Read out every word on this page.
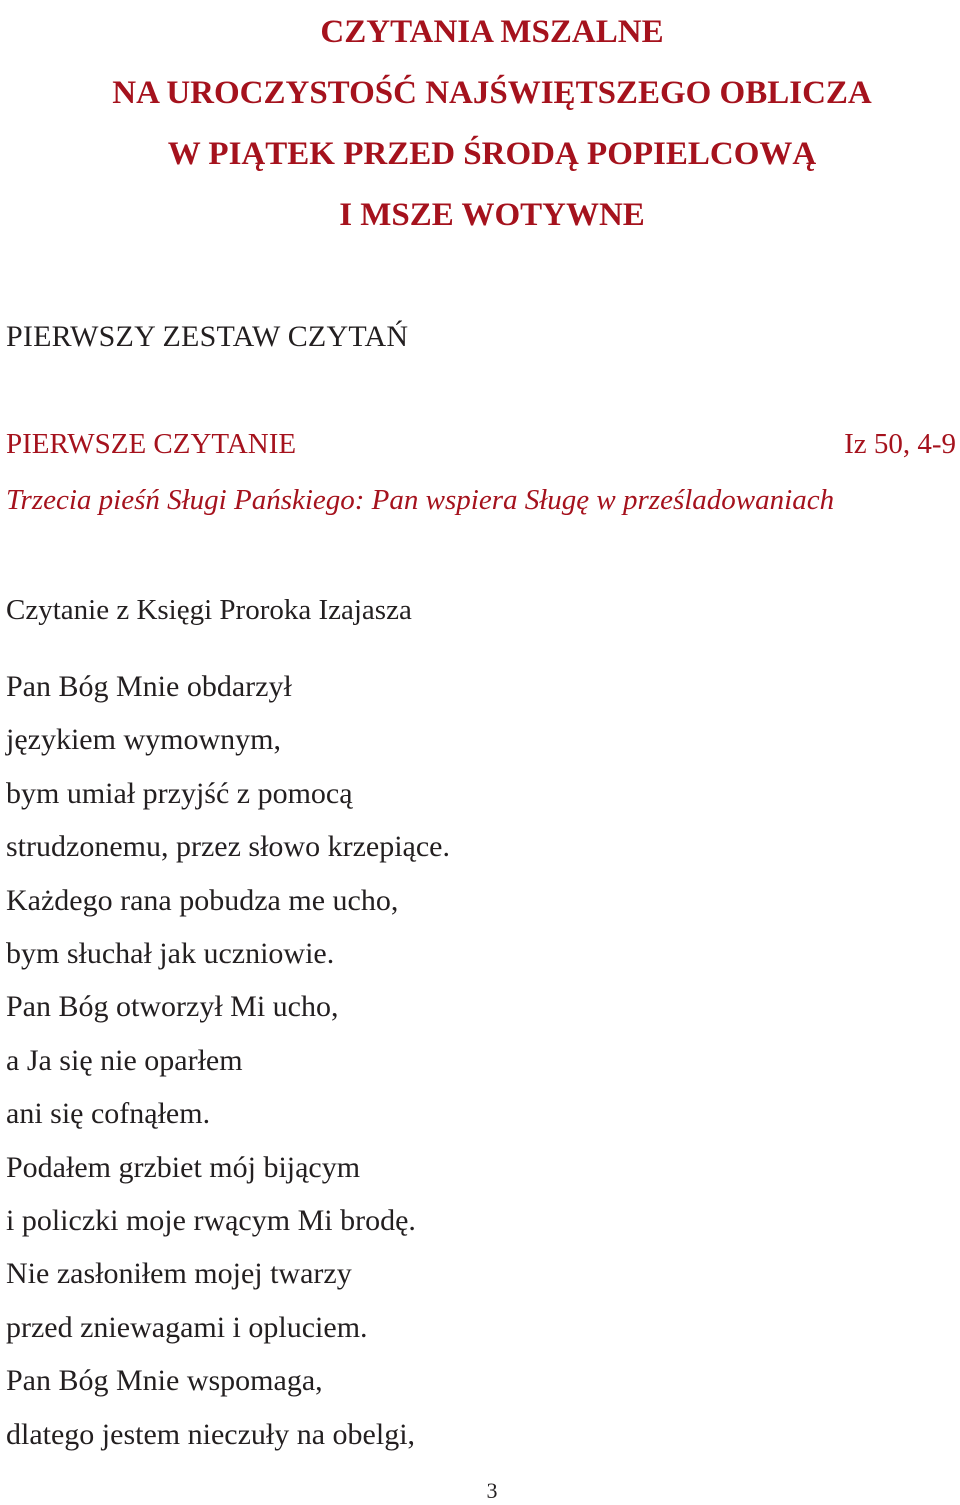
CZYTANIA MSZALNE
NA UROCZYSTOŚĆ NAJŚWIĘTSZEGO OBLICZA
W PIĄTEK PRZED ŚRODĄ POPIELCOWĄ
I MSZE WOTYWNE
PIERWSZY ZESTAW CZYTAŃ
PIERWSZE CZYTANIE	Iz 50, 4-9
Trzecia pieśń Sługi Pańskiego: Pan wspiera Sługę w prześladowaniach
Czytanie z Księgi Proroka Izajasza
Pan Bóg Mnie obdarzył
językiem wymownym,
bym umiał przyjść z pomocą
strudzonemu, przez słowo krzepiące.
Każdego rana pobudza me ucho,
bym słuchał jak uczniowie.
Pan Bóg otworzył Mi ucho,
a Ja się nie oparłem
ani się cofnąłem.
Podałem grzbiet mój bijącym
i policzki moje rwącym Mi brodę.
Nie zasłoniłem mojej twarzy
przed zniewagami i opluciem.
Pan Bóg Mnie wspomaga,
dlatego jestem nieczuły na obelgi,
3
